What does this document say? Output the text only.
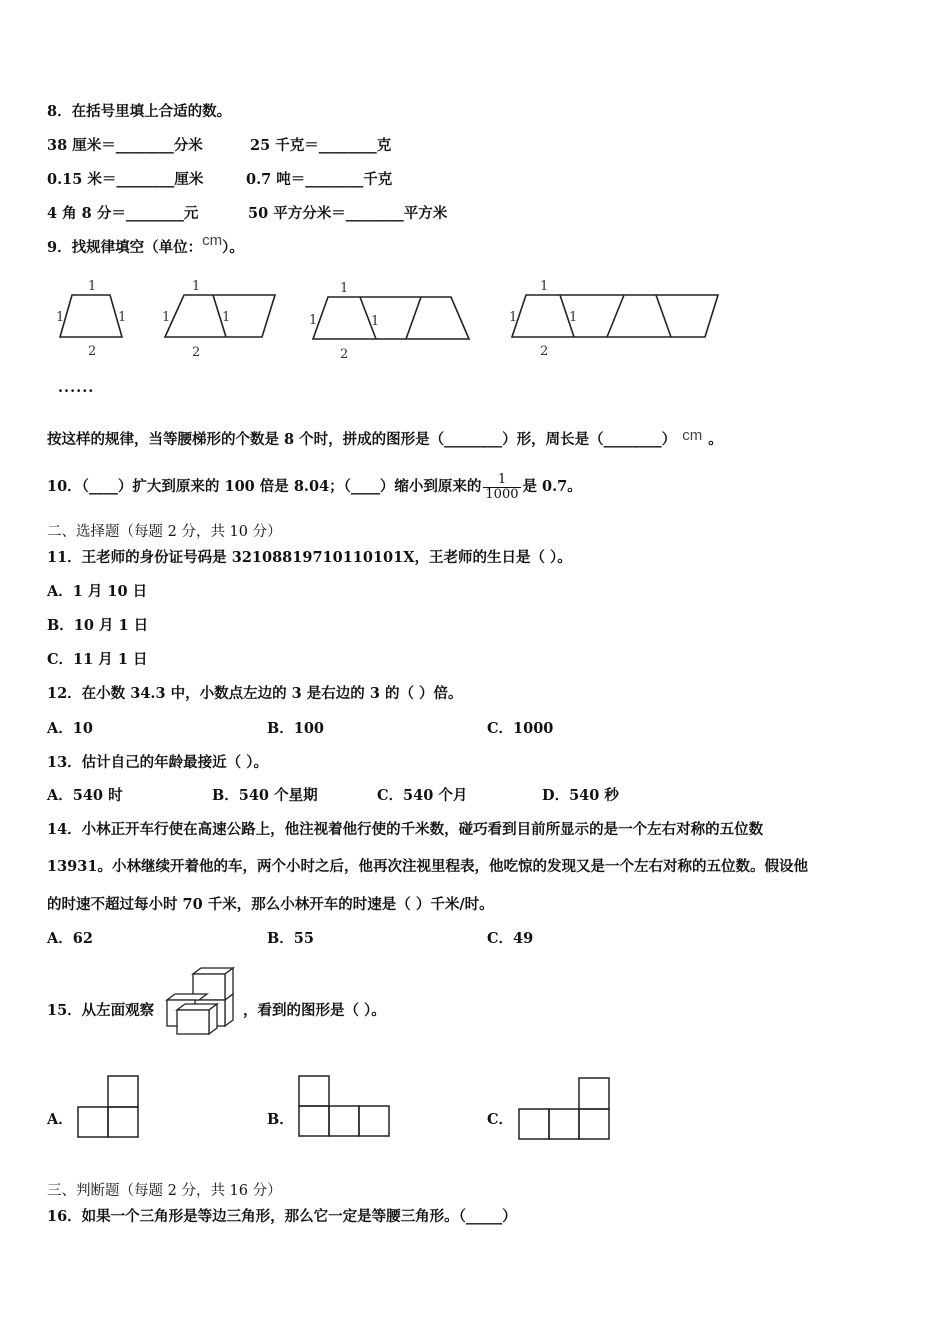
8．在括号里填上合适的数。
38 厘米＝________分米	25 千克＝________克
0.15 米＝________厘米	0.7 吨＝________千克
4 角 8 分＝________元	50 平方分米＝________平方米
9．找规律填空（单位：cm）。
1
1	1
2
1
1	1
2
1
1	1
2
1
1	1
2
······
按这样的规律，当等腰梯形的个数是 8 个时，拼成的图形是（________）形，周长是（________） cm 。
10．（____）扩大到原来的 100 倍是 8.04；（____）缩小到原来的 $\frac{1}{1000}$ 是 0.7。
二、选择题（每题 2 分，共 10 分）
11．王老师的身份证号码是 32108819710110101X，王老师的生日是（ ）。
A．1 月 10 日
B．10 月 1 日
C．11 月 1 日
12．在小数 34.3 中，小数点左边的 3 是右边的 3 的（ ）倍。
A．10	B．100	C．1000
13．估计自己的年龄最接近（ ）。
A．540 时	B．540 个星期	C．540 个月	D．540 秒
14．小林正开车行使在高速公路上，他注视着他行使的千米数，碰巧看到目前所显示的是一个左右对称的五位数
13931。小林继续开着他的车，两个小时之后，他再次注视里程表，他吃惊的发现又是一个左右对称的五位数。假设他
的时速不超过每小时 70 千米，那么小林开车的时速是（ ）千米/时。
A．62	B．55	C．49
15．从左面观察	，看到的图形是（ ）。
A．	B．	C．
三、判断题（每题 2 分，共 16 分）
16．如果一个三角形是等边三角形，那么它一定是等腰三角形。（_____）
